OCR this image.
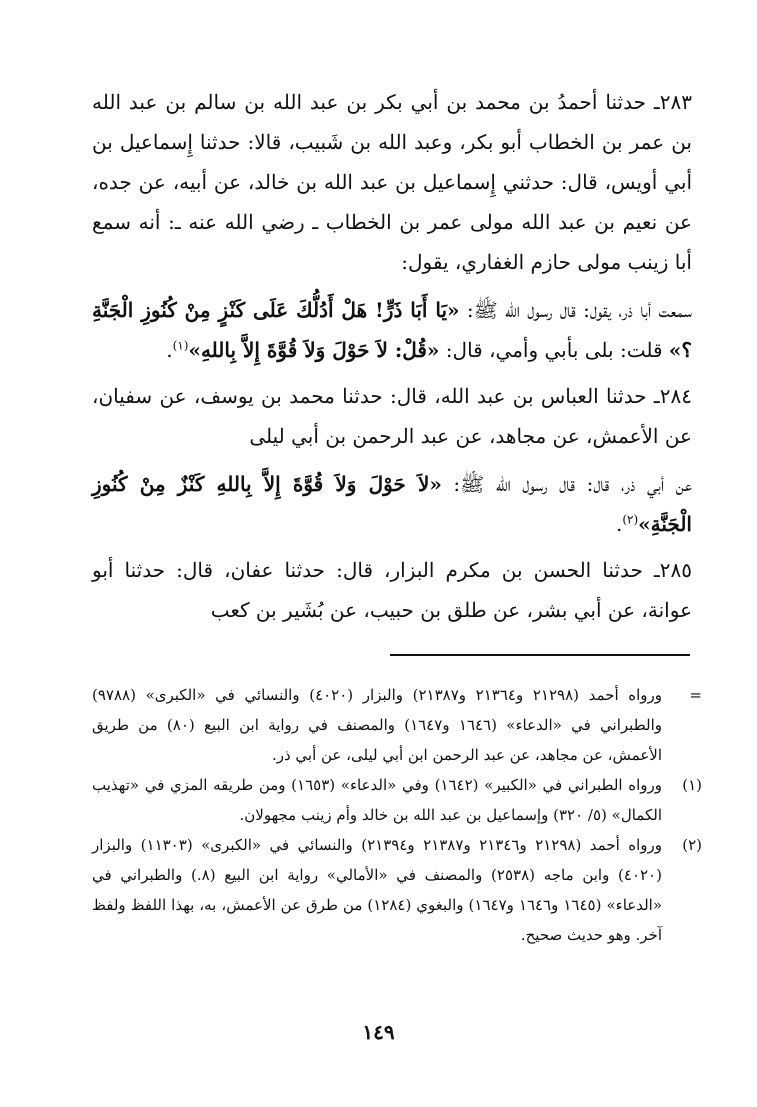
٢٨٣ـ حدثنا أحمدُ بن محمد بن أبي بكر بن عبد الله بن سالم بن عبد الله بن عمر بن الخطاب أبو بكر، وعبد الله بن شَبيب، قالا: حدثنا إِسماعيل بن أبي أويس، قال: حدثني إِسماعيل بن عبد الله بن خالد، عن أبيه، عن جده، عن نعيم بن عبد الله مولى عمر بن الخطاب ـ رضي الله عنه ـ: أنه سمع أبا زينب مولى حازم الغفاري، يقول:

سمعت أبا ذر، يقول: قال رسول الله ﷺ: «يَا أَبَا ذَرٍّ! هَلْ أَدُلُّكَ عَلَى كَنْزٍ مِنْ كُنُوزِ الْجَنَّةِ ؟» قلت: بلى بأبي وأمي، قال: «قُلْ: لاَ حَوْلَ وَلاَ قُوَّةَ إِلاَّ بِاللهِ»$^{(١)}$.

٢٨٤ـ حدثنا العباس بن عبد الله، قال: حدثنا محمد بن يوسف، عن سفيان، عن الأعمش، عن مجاهد، عن عبد الرحمن بن أبي ليلى

عن أبي ذر، قال: قال رسول الله ﷺ: «لاَ حَوْلَ وَلاَ قُوَّةَ إِلاَّ بِاللهِ كَنْزٌ مِنْ كُنُوزِ الْجَنَّةِ»$^{(٢)}$.

٢٨٥ـ حدثنا الحسن بن مكرم البزار، قال: حدثنا عفان، قال: حدثنا أبو عوانة، عن أبي بشر، عن طلق بن حبيب، عن بُشَير بن كعب

=
ورواه أحمد (٢١٢٩٨ و٢١٣٦٤ و٢١٣٨٧) والبزار (٤٠٢٠) والنسائي في «الكبرى» (٩٧٨٨) والطبراني في «الدعاء» (١٦٤٦ و١٦٤٧) والمصنف في رواية ابن البيع (٨٠) من طريق الأعمش، عن مجاهد، عن عبد الرحمن ابن أبي ليلى، عن أبي ذر.
(١)
ورواه الطبراني في «الكبير» (١٦٤٢) وفي «الدعاء» (١٦٥٣) ومن طريقه المزي في «تهذيب الكمال» (٥/ ٣٢٠) وإسماعيل بن عبد الله بن خالد وأم زينب مجهولان.
(٢)
ورواه أحمد (٢١٢٩٨ و٢١٣٤٦ و٢١٣٨٧ و٢١٣٩٤) والنسائي في «الكبرى» (١١٣٠٣) والبزار (٤٠٢٠) وابن ماجه (٢٥٣٨) والمصنف في «الأمالي» رواية ابن البيع (٨.) والطبراني في «الدعاء» (١٦٤٥ و١٦٤٦ و١٦٤٧) والبغوي (١٢٨٤) من طرق عن الأعمش، به، بهذا اللفظ ولفظ آخر. وهو حديث صحيح.
١٤٩
